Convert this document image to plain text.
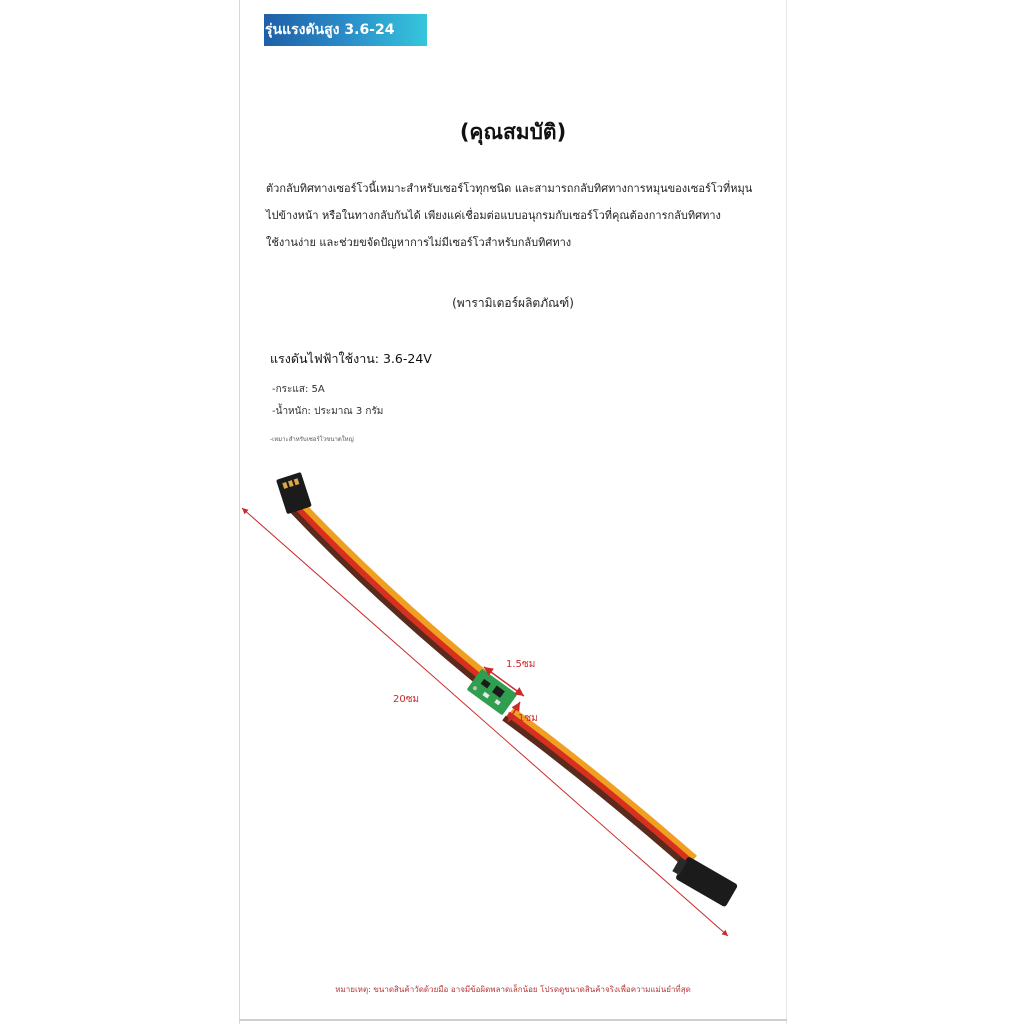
รุ่นแรงดันสูง 3.6-24
(คุณสมบัติ)
ตัวกลับทิศทางเซอร์โวนี้เหมาะสำหรับเซอร์โวทุกชนิด และสามารถกลับทิศทางการหมุนของเซอร์โวที่หมุน
ไปข้างหน้า หรือในทางกลับกันได้ เพียงแค่เชื่อมต่อแบบอนุกรมกับเซอร์โวที่คุณต้องการกลับทิศทาง
ใช้งานง่าย และช่วยขจัดปัญหาการไม่มีเซอร์โวสำหรับกลับทิศทาง
(พารามิเตอร์ผลิตภัณฑ์)
แรงดันไฟฟ้าใช้งาน: 3.6-24V
-กระแส: 5A
-น้ำหนัก: ประมาณ 3 กรัม
-เหมาะสำหรับเซอร์โวขนาดใหญ่
20ซม
1.5ซม
1ซม
หมายเหตุ: ขนาดสินค้าวัดด้วยมือ อาจมีข้อผิดพลาดเล็กน้อย โปรดดูขนาดสินค้าจริงเพื่อความแม่นยำที่สุด
